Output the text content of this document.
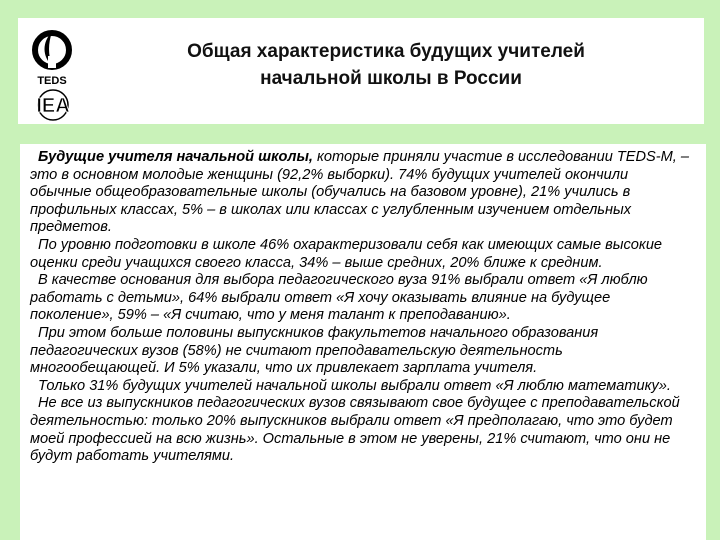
TEDS
IEA
Общая характеристика будущих учителей
начальной школы в России

Будущие учителя начальной школы, которые приняли участие в исследовании TEDS-M, – это в основном молодые женщины (92,2% выборки). 74% будущих учителей окончили обычные общеобразовательные школы (обучались на базовом уровне), 21% учились в профильных классах, 5% – в школах или классах с углубленным изучением отдельных предметов.

По уровню подготовки в школе 46% охарактеризовали себя как имеющих самые высокие оценки среди учащихся своего класса, 34% – выше средних, 20% ближе к средним.

В качестве основания для выбора педагогического вуза 91% выбрали ответ «Я люблю работать с детьми», 64% выбрали ответ «Я хочу оказывать влияние на будущее поколение», 59% – «Я считаю, что у меня талант к преподаванию».

При этом больше половины выпускников факультетов начального образования педагогических вузов (58%) не считают преподавательскую деятельность многообещающей. И 5% указали, что их привлекает зарплата учителя.

Только 31% будущих учителей начальной школы выбрали ответ «Я люблю математику».

Не все из выпускников педагогических вузов связывают свое будущее с преподавательской деятельностью: только 20% выпускников выбрали ответ «Я предполагаю, что это будет моей профессией на всю жизнь». Остальные в этом не уверены, 21% считают, что они не будут работать учителями.
